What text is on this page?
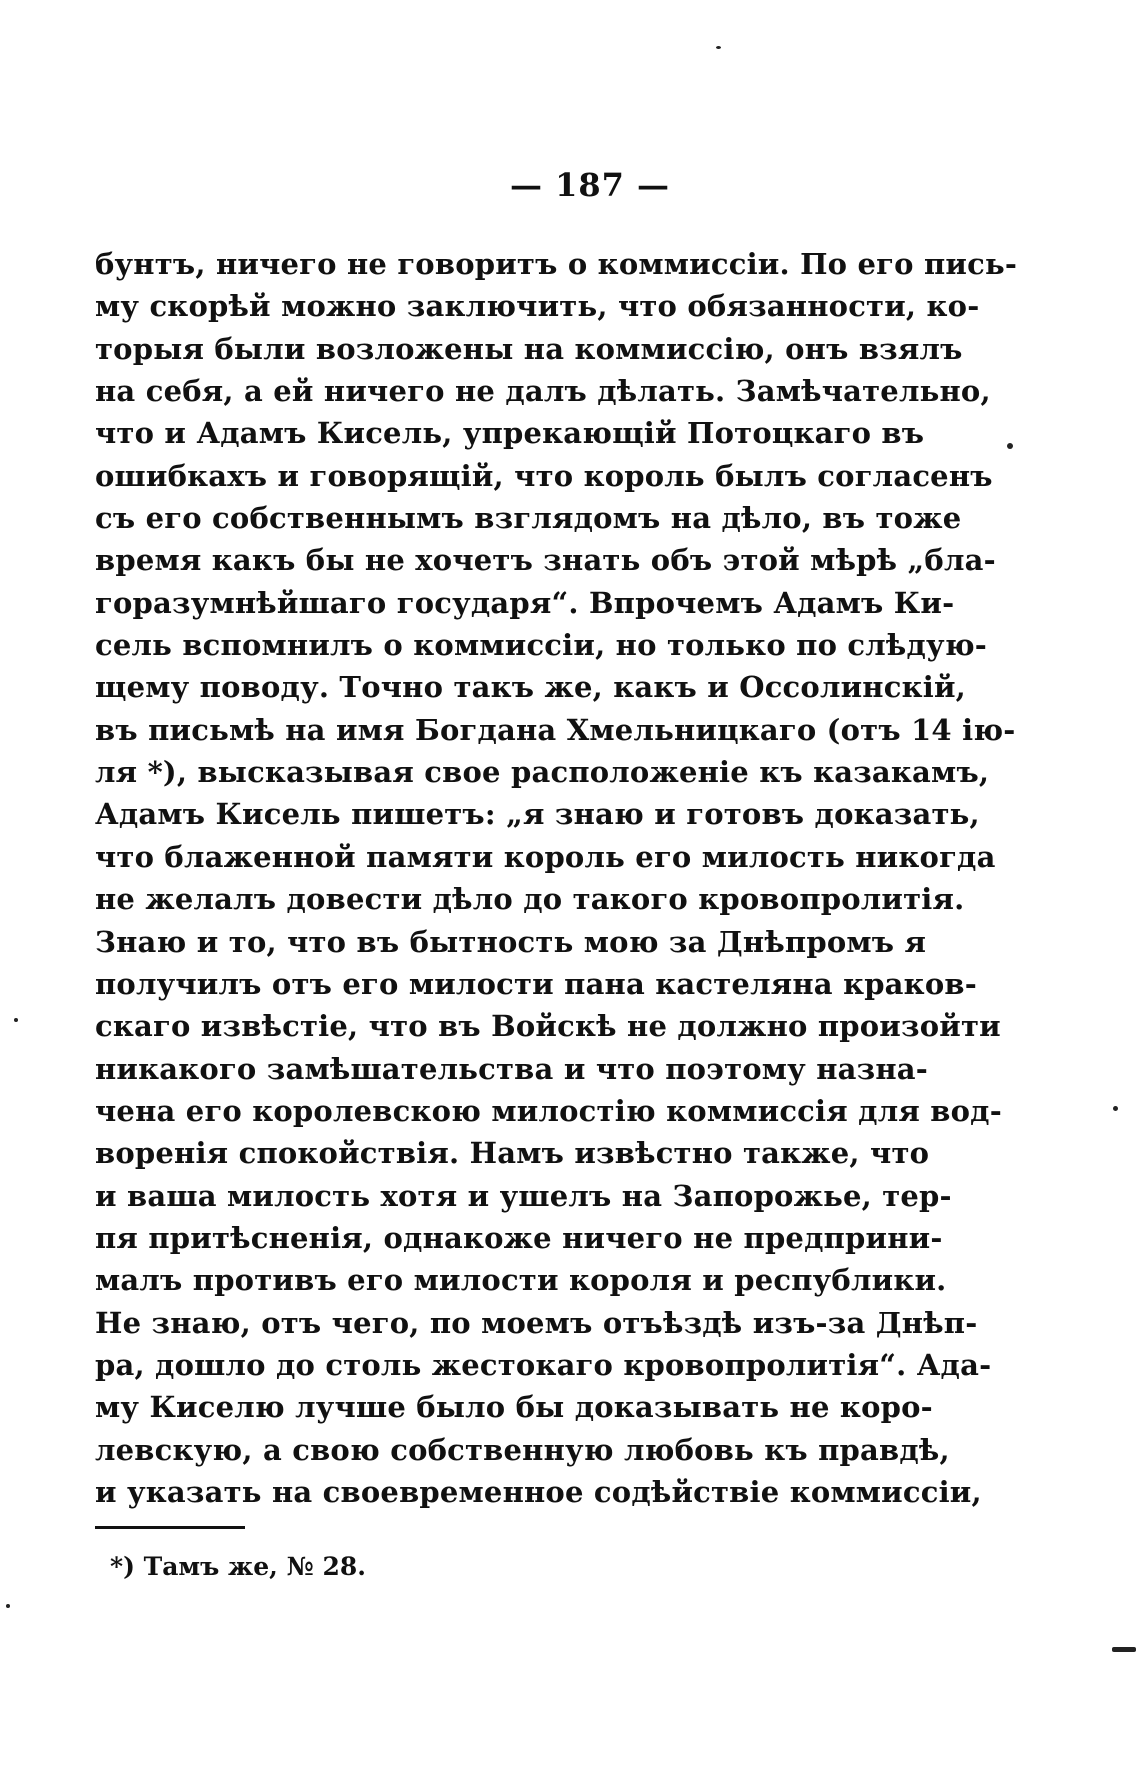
— 187 —
бунтъ, ничего не говоритъ о коммиссіи. По его пись-
му скорѣй можно заключить, что обязанности, ко-
торыя были возложены на коммиссію, онъ взялъ
на себя, а ей ничего не далъ дѣлать. Замѣчательно,
что и Адамъ Кисель, упрекающій Потоцкаго въ
ошибкахъ и говорящій, что король былъ согласенъ
съ его собственнымъ взглядомъ на дѣло, въ тоже
время какъ бы не хочетъ знать объ этой мѣрѣ „бла-
горазумнѣйшаго государя“. Впрочемъ Адамъ Ки-
сель вспомнилъ о коммиссіи, но только по слѣдую-
щему поводу. Точно такъ же, какъ и Оссолинскій,
въ письмѣ на имя Богдана Хмельницкаго (отъ 14 ію-
ля *), высказывая свое расположеніе къ казакамъ,
Адамъ Кисель пишетъ: „я знаю и готовъ доказать,
что блаженной памяти король его милость никогда
не желалъ довести дѣло до такого кровопролитія.
Знаю и то, что въ бытность мою за Днѣпромъ я
получилъ отъ его милости пана кастеляна краков-
скаго извѣстіе, что въ Войскѣ не должно произойти
никакого замѣшательства и что поэтому назна-
чена его королевскою милостію коммиссія для вод-
воренія спокойствія. Намъ извѣстно также, что
и ваша милость хотя и ушелъ на Запорожье, тер-
пя притѣсненія, однакоже ничего не предприни-
малъ противъ его милости короля и республики.
Не знаю, отъ чего, по моемъ отъѣздѣ изъ-за Днѣп-
ра, дошло до столь жестокаго кровопролитія“. Ада-
му Киселю лучше было бы доказывать не коро-
левскую, а свою собственную любовь къ правдѣ,
и указать на своевременное содѣйствіе коммиссіи,
*) Тамъ же, № 28.
